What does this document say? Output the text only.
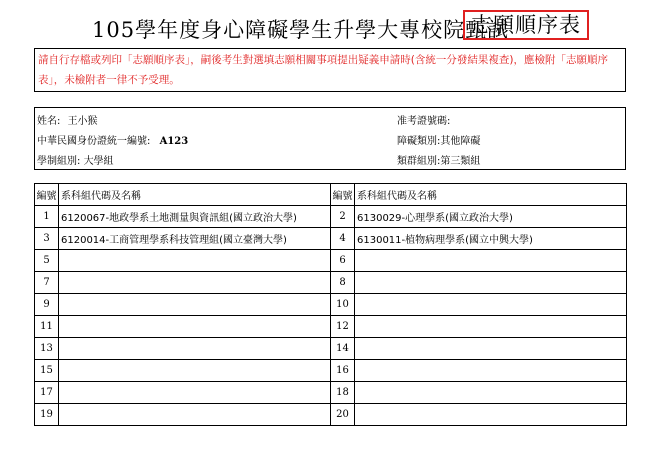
105學年度身心障礙學生升學大專校院甄試
志願順序表
請自行存檔或列印「志願順序表」，嗣後考生對選填志願相關事項提出疑義申請時(含統一分發結果複查)，應檢附「志願順序表」，未檢附者一律不予受理。
姓名: 王小猴	准考證號碼:
中華民國身份證統一編號: A123	障礙類別:其他障礙
學制組別: 大學組	類群組別:第三類組
編號	系科組代碼及名稱	編號	系科組代碼及名稱
1	6120067-地政學系土地測量與資訊組(國立政治大學)	2	6130029-心理學系(國立政治大學)
3	6120014-工商管理學系科技管理組(國立臺灣大學)	4	6130011-植物病理學系(國立中興大學)
5		6	
7		8	
9		10	
11		12	
13		14	
15		16	
17		18	
19		20	
